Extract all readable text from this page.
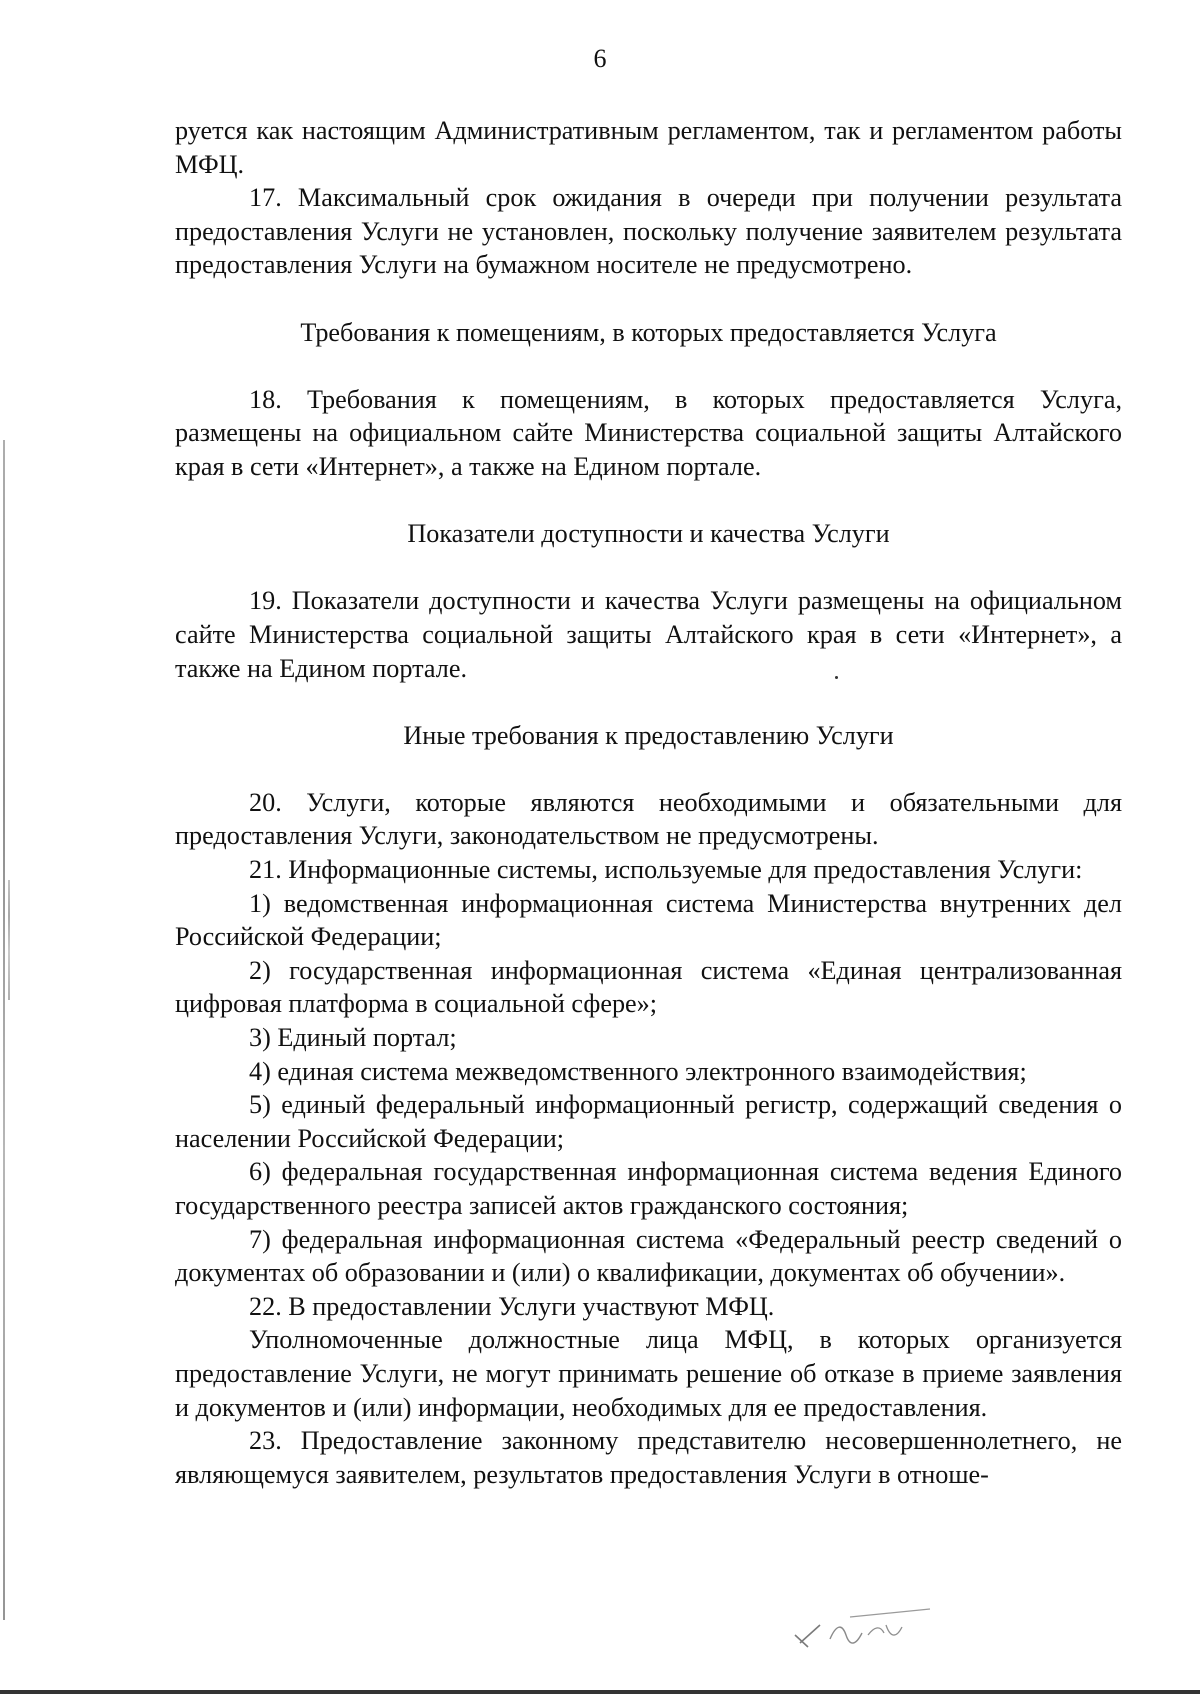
6

руется как настоящим Административным регламентом, так и регламентом работы МФЦ.

17. Максимальный срок ожидания в очереди при получении результата предоставления Услуги не установлен, поскольку получение заявителем результата предоставления Услуги на бумажном носителе не предусмотрено.

Требования к помещениям, в которых предоставляется Услуга

18. Требования к помещениям, в которых предоставляется Услуга, размещены на официальном сайте Министерства социальной защиты Алтайского края в сети «Интернет», а также на Едином портале.

Показатели доступности и качества Услуги

19. Показатели доступности и качества Услуги размещены на официальном сайте Министерства социальной защиты Алтайского края в сети «Интернет», а также на Едином портале.

Иные требования к предоставлению Услуги

20. Услуги, которые являются необходимыми и обязательными для предоставления Услуги, законодательством не предусмотрены.

21. Информационные системы, используемые для предоставления Услуги:

1) ведомственная информационная система Министерства внутренних дел Российской Федерации;

2) государственная информационная система «Единая централизованная цифровая платформа в социальной сфере»;

3) Единый портал;

4) единая система межведомственного электронного взаимодействия;

5) единый федеральный информационный регистр, содержащий сведения о населении Российской Федерации;

6) федеральная государственная информационная система ведения Единого государственного реестра записей актов гражданского состояния;

7) федеральная информационная система «Федеральный реестр сведений о документах об образовании и (или) о квалификации, документах об обучении».

22. В предоставлении Услуги участвуют МФЦ.

Уполномоченные должностные лица МФЦ, в которых организуется предоставление Услуги, не могут принимать решение об отказе в приеме заявления и документов и (или) информации, необходимых для ее предоставления.

23. Предоставление законному представителю несовершеннолетнего, не являющемуся заявителем, результатов предоставления Услуги в отноше-
